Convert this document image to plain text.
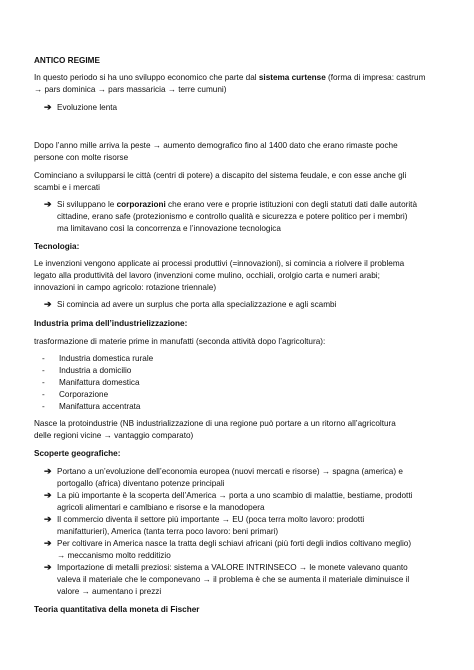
ANTICO REGIME

In questo periodo si ha uno sviluppo economico che parte dal sistema curtense (forma di impresa: castrum

→ pars dominica → pars massaricia → terre cumuni)

➔ Evoluzione lenta

Dopo l’anno mille arriva la peste → aumento demografico fino al 1400 dato che erano rimaste poche

persone con molte risorse

Cominciano a svilupparsi le città (centri di potere) a discapito del sistema feudale, e con esse anche gli

scambi e i mercati

➔ Si sviluppano le corporazioni che erano vere e proprie istituzioni con degli statuti dati dalle autorità

cittadine, erano safe (protezionismo e controllo qualità e sicurezza e potere politico per i membri)

ma limitavano così la concorrenza e l’innovazione tecnologica

Tecnologia:

Le invenzioni vengono applicate ai processi produttivi (=innovazioni), si comincia a riolvere il problema

legato alla produttività del lavoro (invenzioni come mulino, occhiali, orolgio carta e numeri arabi;

innovazioni in campo agricolo: rotazione triennale)

➔ Si comincia ad avere un surplus che porta alla specializzazione e agli scambi

Industria prima dell’industrielizzazione:

trasformazione di materie prime in manufatti (seconda attività dopo l’agricoltura):

-	Industria domestica rurale

-	Industria a domicilio

-	Manifattura domestica

-	Corporazione

-	Manifattura accentrata

Nasce la protoindustrie (NB industrializzazione di una regione può portare a un ritorno all’agricoltura

delle regioni vicine → vantaggio comparato)

Scoperte geografiche:

➔ Portano a un’evoluzione dell’economia europea (nuovi mercati e risorse) → spagna (america) e

portogallo (africa) diventano potenze principali

➔ La più importante è la scoperta dell’America → porta a uno scambio di malattie, bestiame, prodotti

agricoli alimentari e camlbiano e risorse e la manodopera

➔ Il commercio diventa il settore più importante → EU (poca terra molto lavoro: prodotti

manifatturieri), America (tanta terra poco lavoro: beni primari)

➔ Per coltivare in America nasce la tratta degli schiavi africani (più forti degli indios coltivano meglio)

→ meccanismo molto redditizio

➔ Importazione di metalli preziosi: sistema a VALORE INTRINSECO → le monete valevano quanto

valeva il materiale che le componevano → il problema è che se aumenta il materiale diminuisce il

valore → aumentano i prezzi

Teoria quantitativa della moneta di Fischer
